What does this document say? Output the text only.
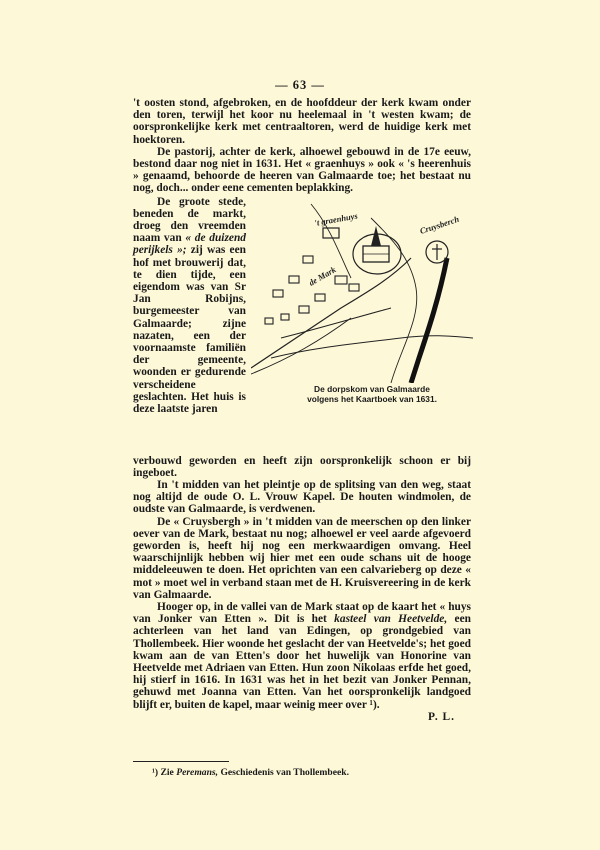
— 63 —

't oosten stond, afgebroken, en de hoofddeur der kerk kwam onder den toren, terwijl het koor nu heelemaal in 't westen kwam; de oorspronkelijke kerk met centraaltoren, werd de huidige kerk met hoektoren.

De pastorij, achter de kerk, alhoewel gebouwd in de 17e eeuw, bestond daar nog niet in 1631. Het « graenhuys » ook « 's heerenhuis » genaamd, behoorde de heeren van Galmaarde toe; het bestaat nu nog, doch... onder eene cementen beplakking.

De groote stede, beneden de markt, droeg den vreemden naam van « de duizend perijkels »; zij was een hof met brouwerij dat, te dien tijde, een eigendom was van Sr Jan Robijns, burgemeester van Galmaarde; zijne nazaten, een der voornaamste familiën der gemeente, woonden er gedurende verscheidene geslachten. Het huis is deze laatste jaren

't graenhuys	Cruysberch
de Mark
De dorpskom van Galmaarde
volgens het Kaartboek van 1631.

verbouwd geworden en heeft zijn oorspronkelijk schoon er bij ingeboet.

In 't midden van het pleintje op de splitsing van den weg, staat nog altijd de oude O. L. Vrouw Kapel. De houten windmolen, de oudste van Galmaarde, is verdwenen.

De « Cruysbergh » in 't midden van de meerschen op den linker oever van de Mark, bestaat nu nog; alhoewel er veel aarde afgevoerd geworden is, heeft hij nog een merkwaardigen omvang. Heel waarschijnlijk hebben wij hier met een oude schans uit de hooge middeleeuwen te doen. Het oprichten van een calvarieberg op deze « mot » moet wel in verband staan met de H. Kruisvereering in de kerk van Galmaarde.

Hooger op, in de vallei van de Mark staat op de kaart het « huys van Jonker van Etten ». Dit is het kasteel van Heetvelde, een achterleen van het land van Edingen, op grondgebied van Thollembeek. Hier woonde het geslacht der van Heetvelde's; het goed kwam aan de van Etten's door het huwelijk van Honorine van Heetvelde met Adriaen van Etten. Hun zoon Nikolaas erfde het goed, hij stierf in 1616. In 1631 was het in het bezit van Jonker Pennan, gehuwd met Joanna van Etten. Van het oorspronkelijk landgoed blijft er, buiten de kapel, maar weinig meer over ¹).

P. L.

¹) Zie Peremans, Geschiedenis van Thollembeek.
